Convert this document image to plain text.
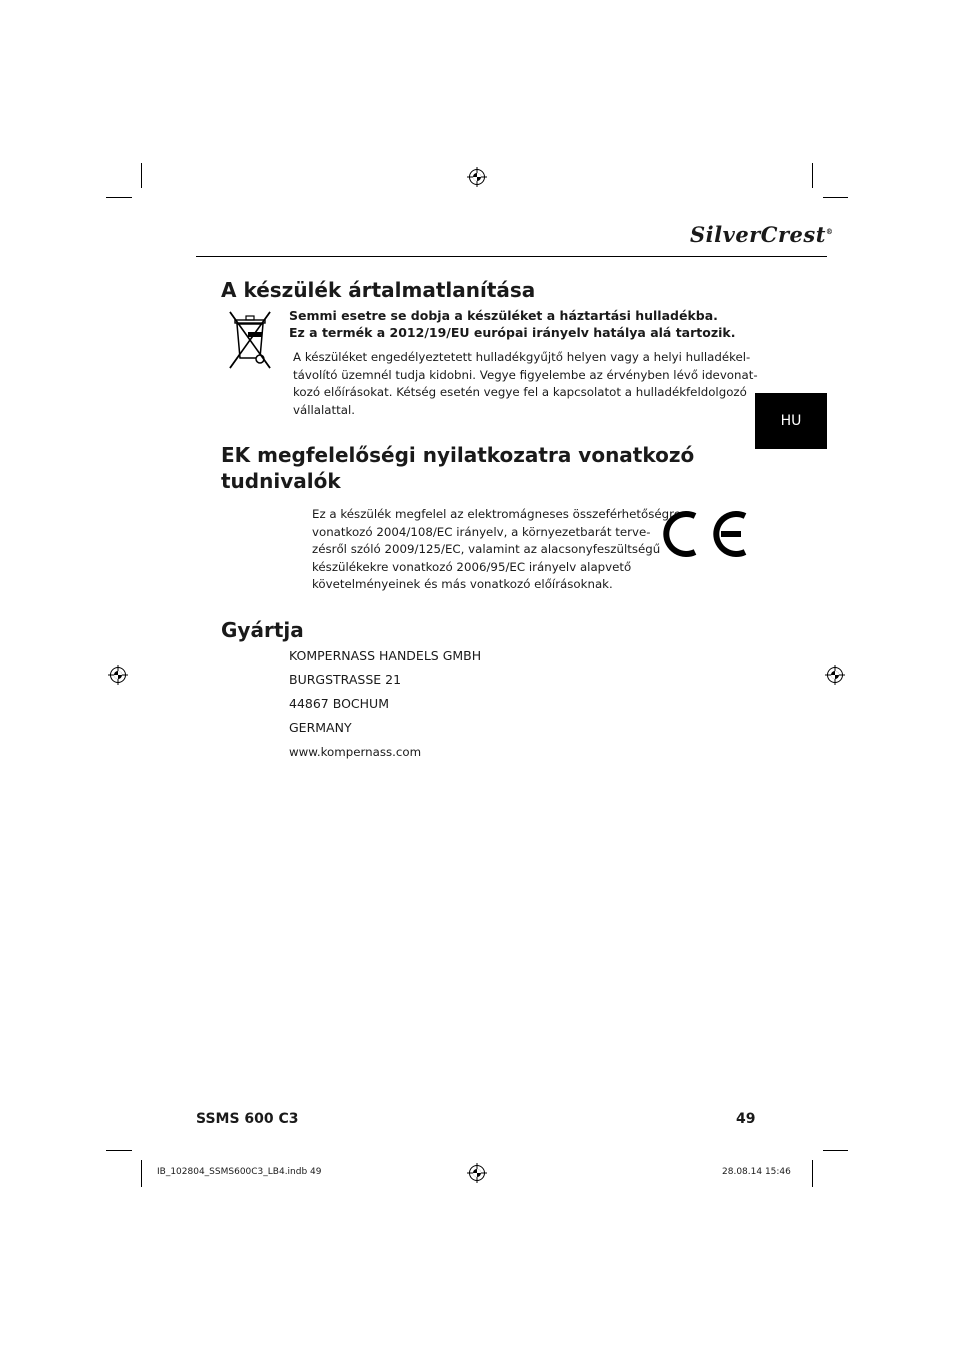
SilverCrest®
HU
A készülék ártalmatlanítása
Semmi esetre se dobja a készüléket a háztartási hulladékba.
Ez a termék a 2012/19/EU európai irányelv hatálya alá tartozik.
A készüléket engedélyeztetett hulladékgyűjtő helyen vagy a helyi hulladékel-
távolító üzemnél tudja kidobni. Vegye figyelembe az érvényben lévő idevonat-
kozó előírásokat. Kétség esetén vegye fel a kapcsolatot a hulladékfeldolgozó
vállalattal.
EK megfelelőségi nyilatkozatra vonatkozó
tudnivalók
Ez a készülék megfelel az elektromágneses összeférhetőségre
vonatkozó 2004/108/EC irányelv, a környezetbarát terve-
zésről szóló 2009/125/EC, valamint az alacsonyfeszültségű
készülékekre vonatkozó 2006/95/EC irányelv alapvető
követelményeinek és más vonatkozó előírásoknak.
Gyártja
KOMPERNASS HANDELS GMBH
BURGSTRASSE 21
44867 BOCHUM
GERMANY
www.kompernass.com
SSMS 600 C3	49
IB_102804_SSMS600C3_LB4.indb 49	28.08.14 15:46
